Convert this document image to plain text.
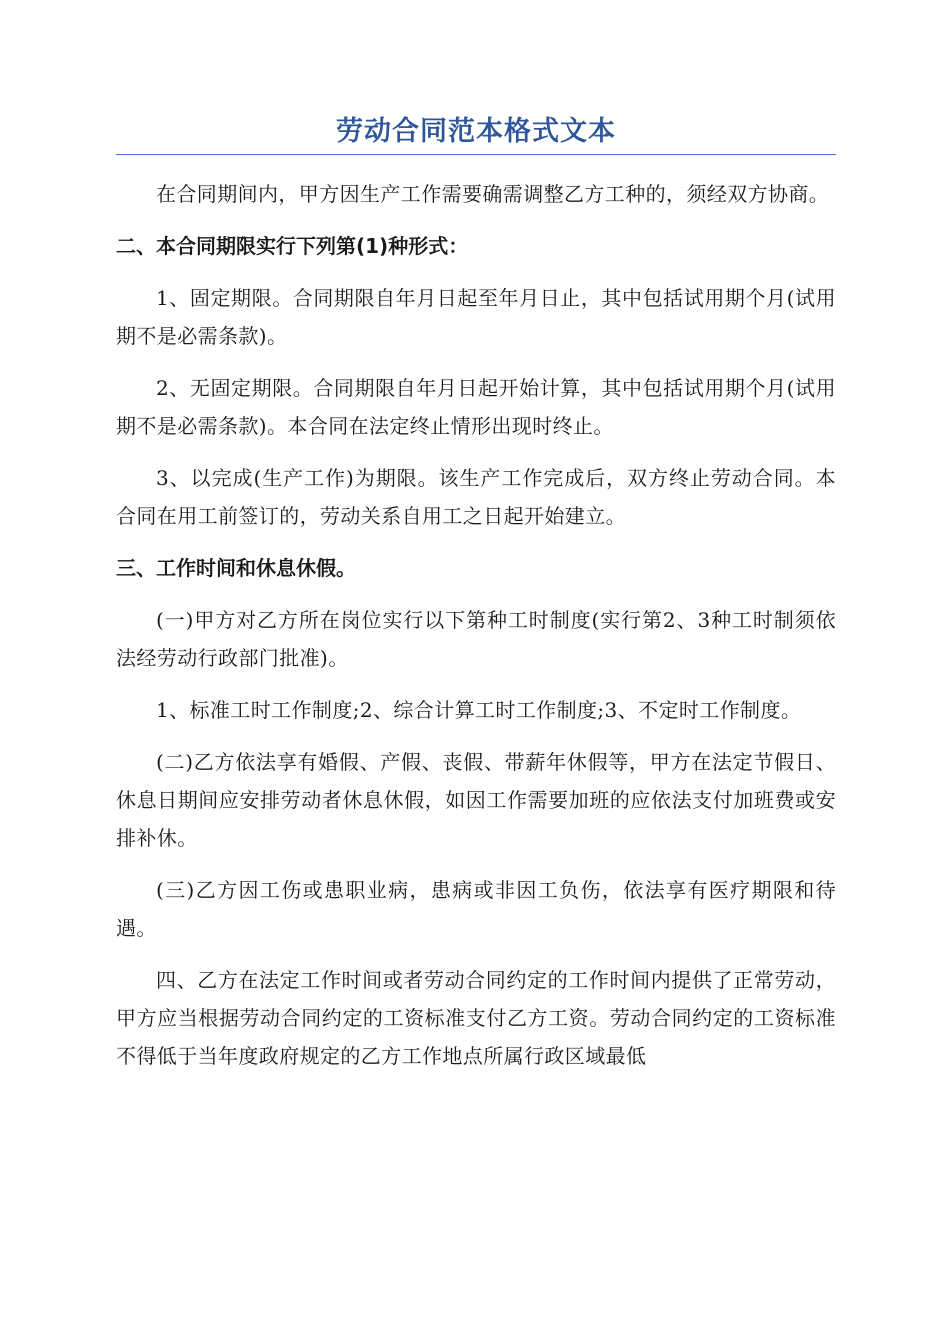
劳动合同范本格式文本

在合同期间内，甲方因生产工作需要确需调整乙方工种的，须经双方协商。

二、本合同期限实行下列第(1)种形式：

1、固定期限。合同期限自年月日起至年月日止，其中包括试用期个月(试用期不是必需条款)。

2、无固定期限。合同期限自年月日起开始计算，其中包括试用期个月(试用期不是必需条款)。本合同在法定终止情形出现时终止。

3、以完成(生产工作)为期限。该生产工作完成后，双方终止劳动合同。本合同在用工前签订的，劳动关系自用工之日起开始建立。

三、工作时间和休息休假。

(一)甲方对乙方所在岗位实行以下第种工时制度(实行第2、3种工时制须依法经劳动行政部门批准)。

1、标准工时工作制度;2、综合计算工时工作制度;3、不定时工作制度。

(二)乙方依法享有婚假、产假、丧假、带薪年休假等，甲方在法定节假日、休息日期间应安排劳动者休息休假，如因工作需要加班的应依法支付加班费或安排补休。

(三)乙方因工伤或患职业病，患病或非因工负伤，依法享有医疗期限和待遇。

四、乙方在法定工作时间或者劳动合同约定的工作时间内提供了正常劳动，甲方应当根据劳动合同约定的工资标准支付乙方工资。劳动合同约定的工资标准不得低于当年度政府规定的乙方工作地点所属行政区域最低
